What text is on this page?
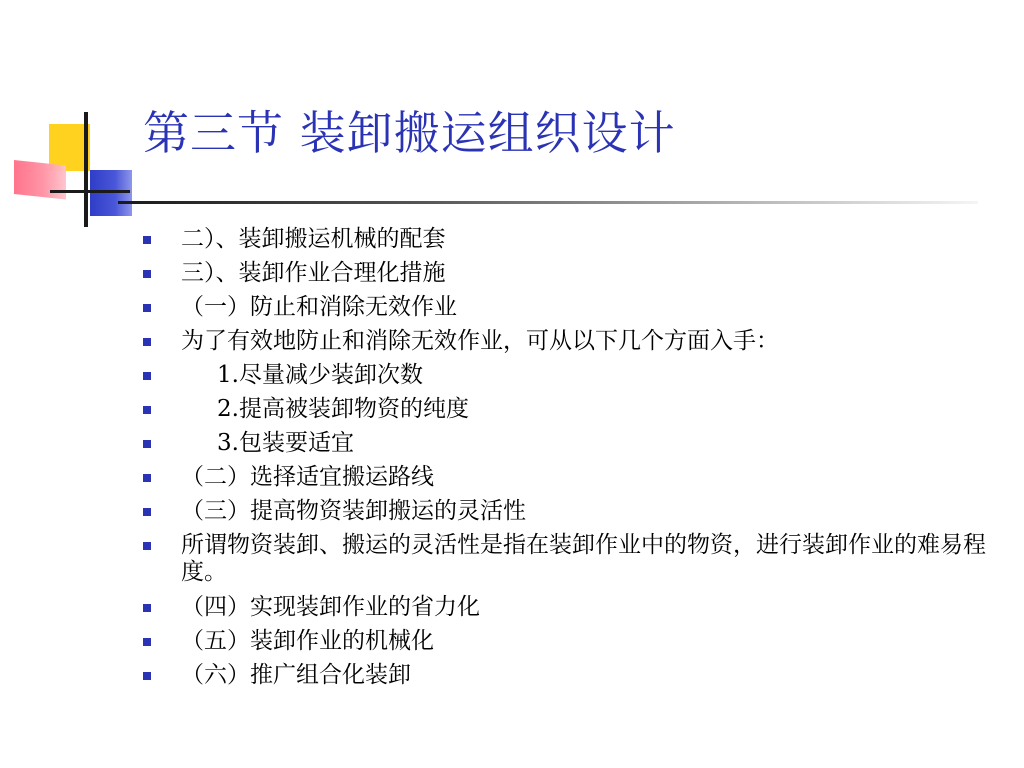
第三节 装卸搬运组织设计
二）、装卸搬运机械的配套
三）、装卸作业合理化措施
（一）防止和消除无效作业
为了有效地防止和消除无效作业，可从以下几个方面入手：
1.尽量减少装卸次数
2.提高被装卸物资的纯度
3.包装要适宜
（二）选择适宜搬运路线
（三）提高物资装卸搬运的灵活性
所谓物资装卸、搬运的灵活性是指在装卸作业中的物资，进行装卸作业的难易程度。
（四）实现装卸作业的省力化
（五）装卸作业的机械化
（六）推广组合化装卸
